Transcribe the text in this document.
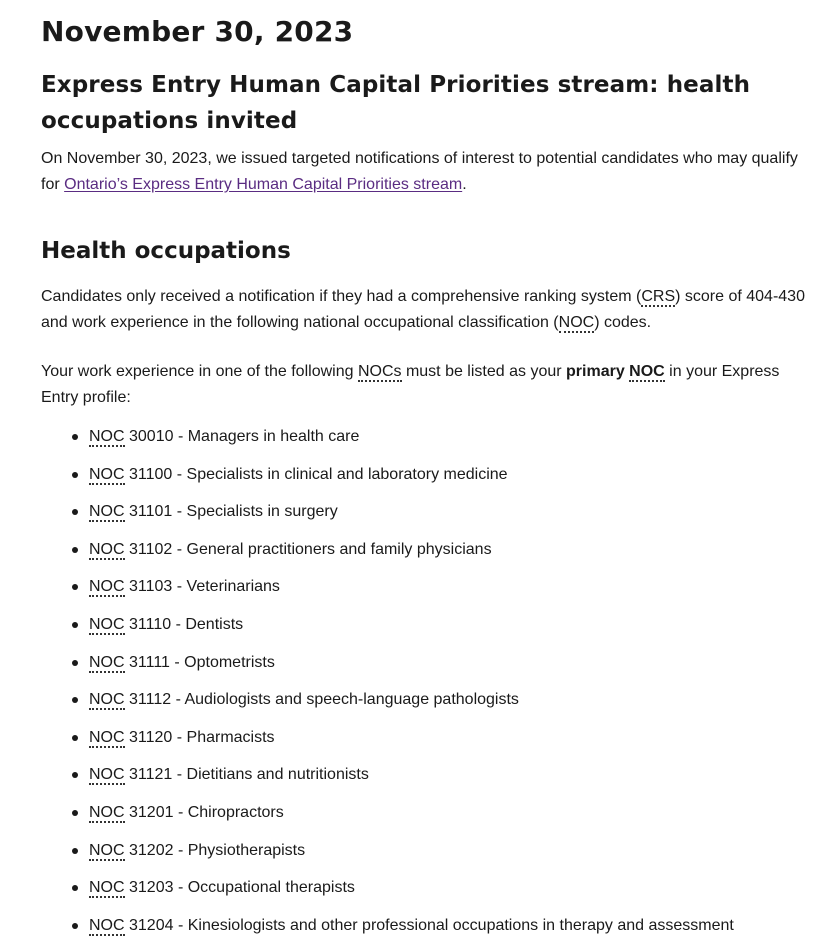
November 30, 2023
Express Entry Human Capital Priorities stream: health occupations invited

On November 30, 2023, we issued targeted notifications of interest to potential candidates who may qualify for Ontario’s Express Entry Human Capital Priorities stream.

Health occupations

Candidates only received a notification if they had a comprehensive ranking system (CRS) score of 404-430 and work experience in the following national occupational classification (NOC) codes.

Your work experience in one of the following NOCs must be listed as your primary NOC in your Express Entry profile:

NOC 30010 - Managers in health care
NOC 31100 - Specialists in clinical and laboratory medicine
NOC 31101 - Specialists in surgery
NOC 31102 - General practitioners and family physicians
NOC 31103 - Veterinarians
NOC 31110 - Dentists
NOC 31111 - Optometrists
NOC 31112 - Audiologists and speech-language pathologists
NOC 31120 - Pharmacists
NOC 31121 - Dietitians and nutritionists
NOC 31201 - Chiropractors
NOC 31202 - Physiotherapists
NOC 31203 - Occupational therapists
NOC 31204 - Kinesiologists and other professional occupations in therapy and assessment
